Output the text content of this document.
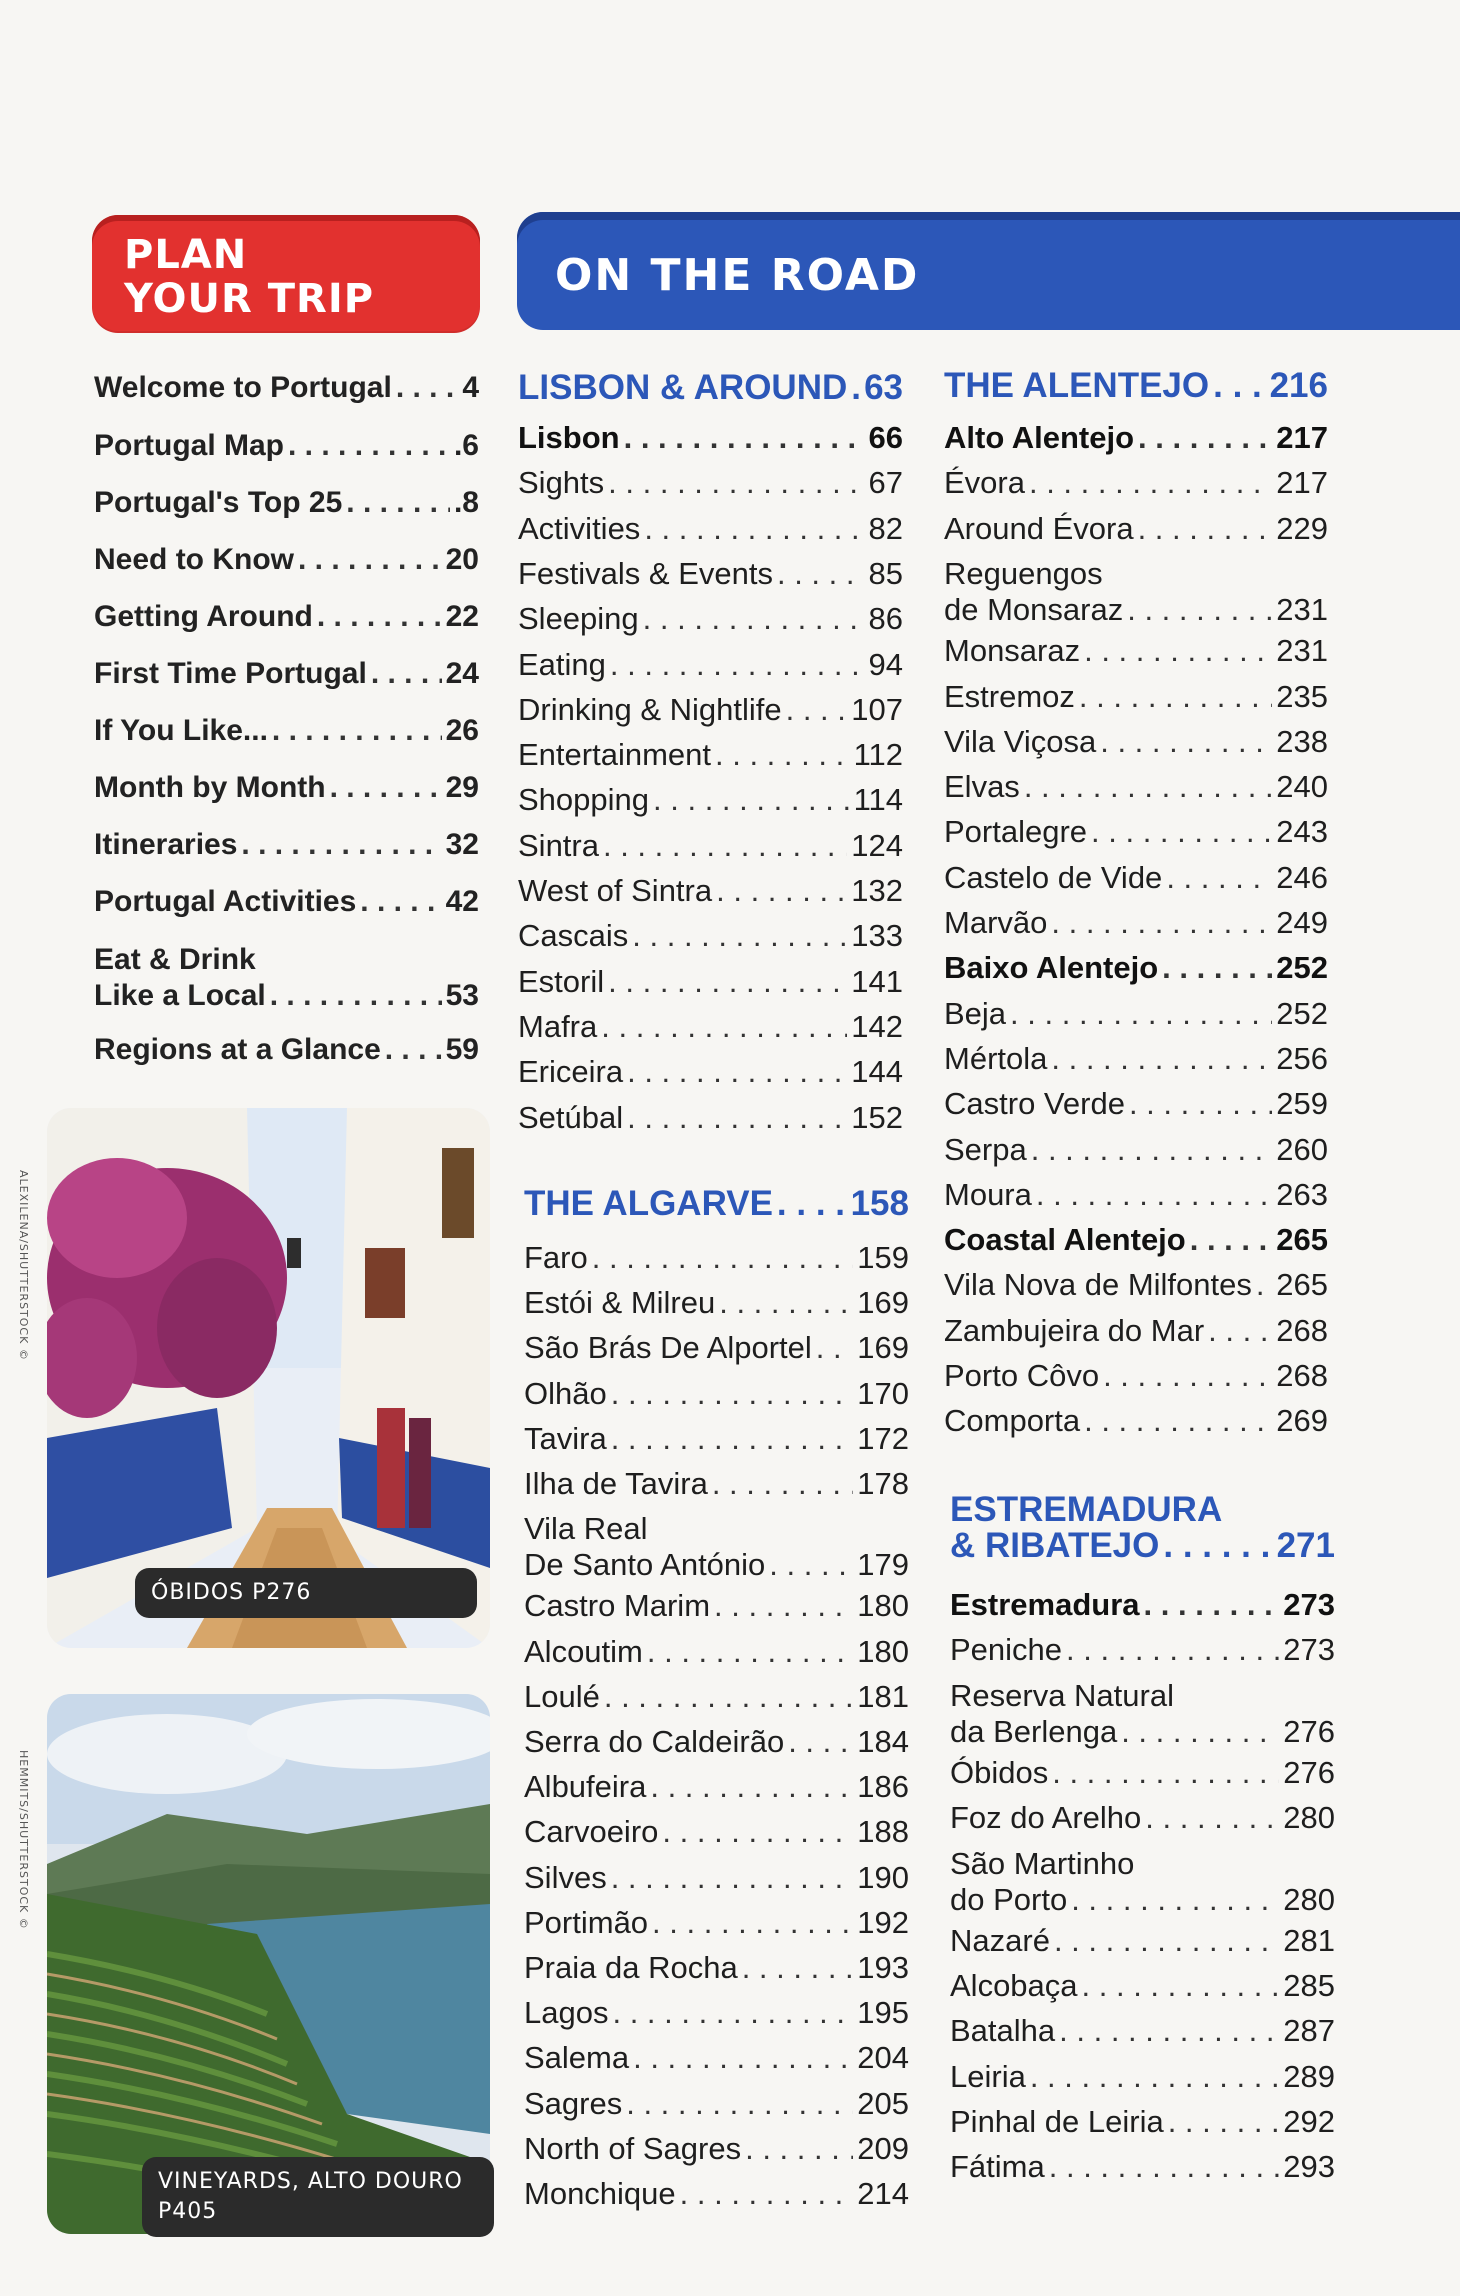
PLAN
YOUR TRIP	ON THE ROAD
Welcome to Portugal . . . 4
Portugal Map . . .	.6
Portugal's Top 25 . . .	.8
Need to Know . . .	20
Getting Around . . .	22
First Time Portugal . . .	24
If You Like... . . .	26
Month by Month . . .	29
Itineraries . . .	32
Portugal Activities . . .	42
Eat & Drink
Like a Local . . .	53
Regions at a Glance . . . 59
LISBON & AROUND . . . 63
Lisbon . . .	66
Sights . . .	67
Activities . . .	82
Festivals & Events . . .	85
Sleeping . . .	86
Eating . . .	94
Drinking & Nightlife . . . 107
Entertainment . . .	112
Shopping . . .	114
Sintra . . .	124
West of Sintra . . .	132
Cascais . . .	133
Estoril . . .	141
Mafra . . .	142
Ericeira . . .	144
Setúbal . . .	152
THE ALGARVE . . . 158
Faro . . .	159
Estói & Milreu . . .	169
São Brás De Alportel . . . 169
Olhão . . .	170
Tavira . . .	172
Ilha de Tavira . . .	178
Vila Real
De Santo António . . .	179
Castro Marim . . .	180
Alcoutim . . .	180
Loulé . . .	181
Serra do Caldeirão . . . 184
Albufeira . . .	186
Carvoeiro . . .	188
Silves . . .	190
Portimão . . .	192
Praia da Rocha . . .	193
Lagos . . .	195
Salema . . .	204
Sagres . . .	205
North of Sagres . . .	209
Monchique . . .	214
THE ALENTEJO . . . 216
Alto Alentejo . . .	217
Évora . . .	217
Around Évora . . .	229
Reguengos
de Monsaraz . . .	231
Monsaraz . . .	231
Estremoz . . .	235
Vila Viçosa . . .	238
Elvas . . .	240
Portalegre . . .	243
Castelo de Vide . . .	246
Marvão . . .	249
Baixo Alentejo . . .	252
Beja . . .	252
Mértola . . .	256
Castro Verde . . .	259
Serpa . . .	260
Moura . . .	263
Coastal Alentejo . . .	265
Vila Nova de Milfontes . . . 265
Zambujeira do Mar . . . 268
Porto Côvo . . .	268
Comporta . . .	269
ESTREMADURA
& RIBATEJO . . .	271
Estremadura . . .	273
Peniche . . .	273
Reserva Natural
da Berlenga . . .	276
Óbidos . . .	276
Foz do Arelho . . .	280
São Martinho
do Porto . . .	280
Nazaré . . .	281
Alcobaça . . .	285
Batalha . . .	287
Leiria . . .	289
Pinhal de Leiria . . .	292
Fátima . . .	293
ÓBIDOS P276
ALEXILENA/SHUTTERSTOCK ©
VINEYARDS, ALTO DOURO
P405
HEMMITS/SHUTTERSTOCK ©
